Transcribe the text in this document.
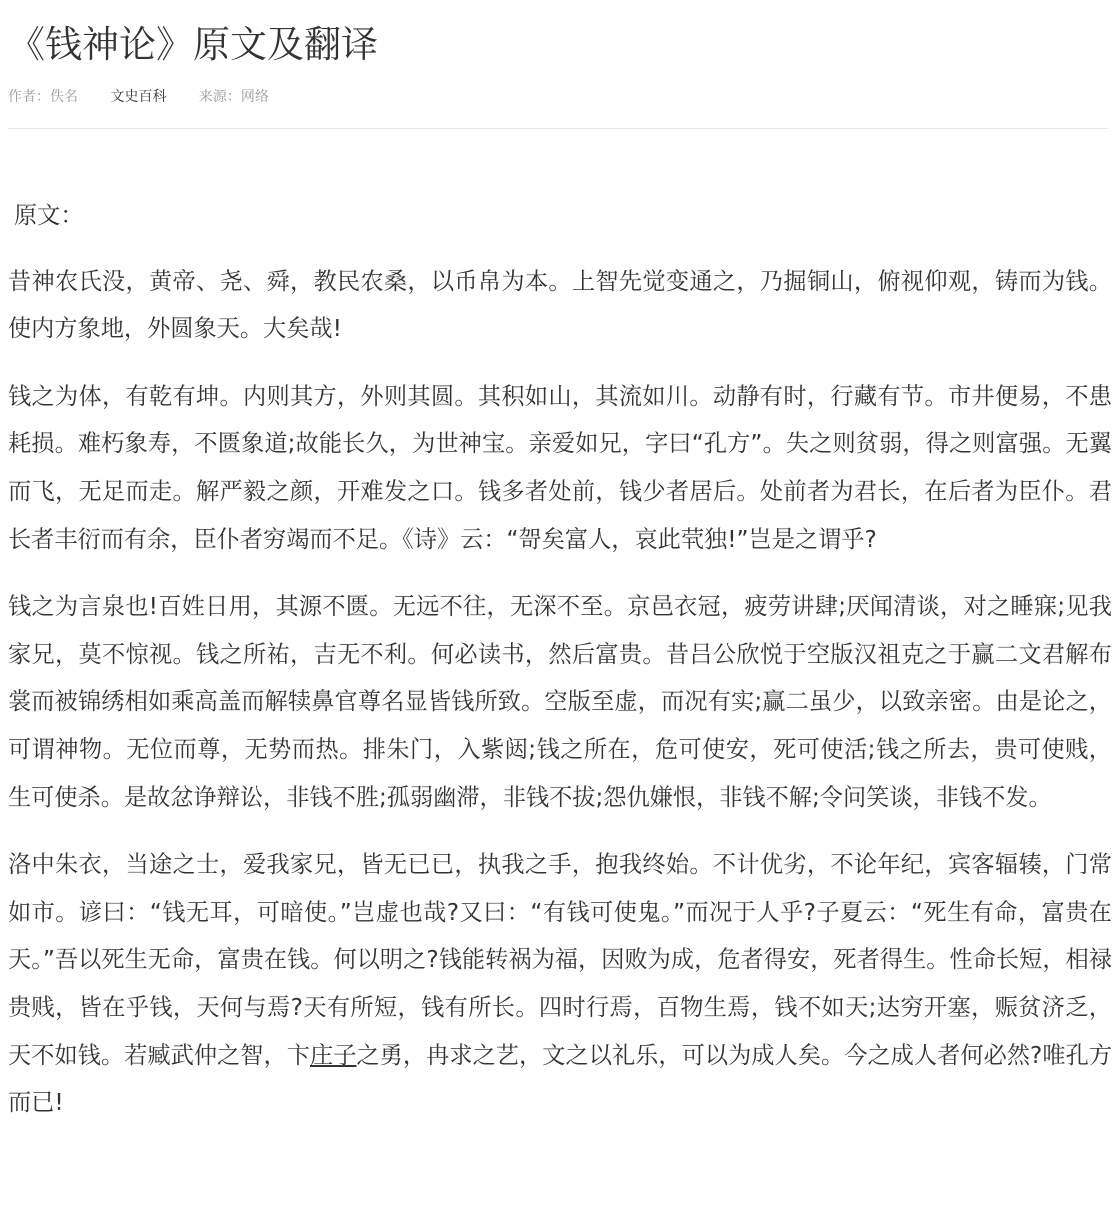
《钱神论》原文及翻译
作者：佚名 文史百科 来源：网络

原文：

昔神农氏没，黄帝、尧、舜，教民农桑，以币帛为本。上智先觉变通之，乃掘铜山，俯视仰观，铸而为钱。使内方象地，外圆象天。大矣哉!

钱之为体，有乾有坤。内则其方，外则其圆。其积如山，其流如川。动静有时，行藏有节。市井便易，不患耗损。难朽象寿，不匮象道;故能长久，为世神宝。亲爱如兄，字曰“孔方”。失之则贫弱，得之则富强。无翼而飞，无足而走。解严毅之颜，开难发之口。钱多者处前，钱少者居后。处前者为君长，在后者为臣仆。君长者丰衍而有余，臣仆者穷竭而不足。《诗》云：“哿矣富人，哀此茕独!”岂是之谓乎?

钱之为言泉也!百姓日用，其源不匮。无远不往，无深不至。京邑衣冠，疲劳讲肆;厌闻清谈，对之睡寐;见我家兄，莫不惊视。钱之所祐，吉无不利。何必读书，然后富贵。昔吕公欣悦于空版汉祖克之于赢二文君解布裳而被锦绣相如乘高盖而解犊鼻官尊名显皆钱所致。空版至虚，而况有实;赢二虽少，以致亲密。由是论之，可谓神物。无位而尊，无势而热。排朱门，入紫闼;钱之所在，危可使安，死可使活;钱之所去，贵可使贱，生可使杀。是故忿诤辩讼，非钱不胜;孤弱幽滞，非钱不拔;怨仇嫌恨，非钱不解;令问笑谈，非钱不发。

洛中朱衣，当途之士，爱我家兄，皆无已已，执我之手，抱我终始。不计优劣，不论年纪，宾客辐辏，门常如市。谚曰：“钱无耳，可暗使。”岂虚也哉?又曰：“有钱可使鬼。”而况于人乎?子夏云：“死生有命，富贵在天。”吾以死生无命，富贵在钱。何以明之?钱能转祸为福，因败为成，危者得安，死者得生。性命长短，相禄贵贱，皆在乎钱，天何与焉?天有所短，钱有所长。四时行焉，百物生焉，钱不如天;达穷开塞，赈贫济乏，天不如钱。若臧武仲之智，卞庄子之勇，冉求之艺，文之以礼乐，可以为成人矣。今之成人者何必然?唯孔方而已!
